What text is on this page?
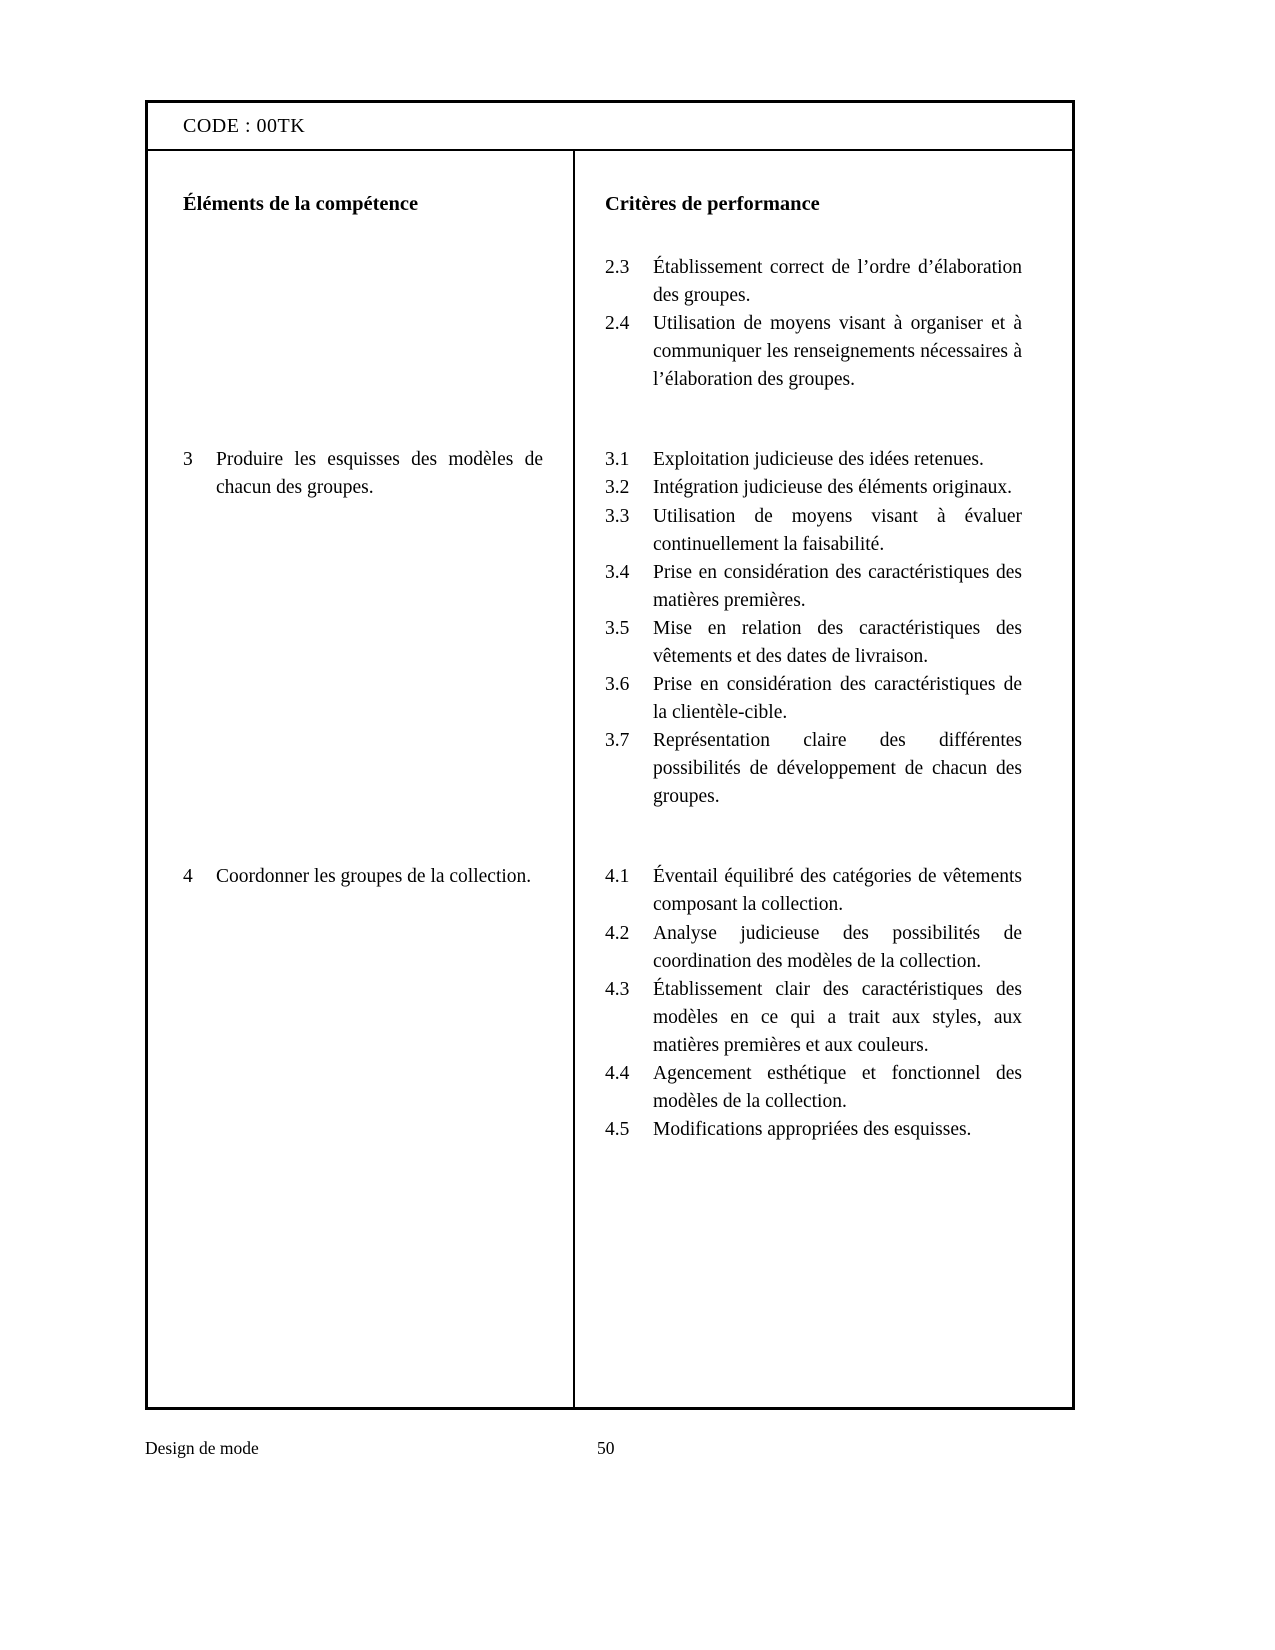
CODE : 00TK
Éléments de la compétence	Critères de performance
2.3	Établissement correct de l’ordre d’élaboration des groupes.
2.4	Utilisation de moyens visant à organiser et à communiquer les renseignements nécessaires à l’élaboration des groupes.
3	Produire les esquisses des modèles de chacun des groupes.
3.1	Exploitation judicieuse des idées retenues.
3.2	Intégration judicieuse des éléments originaux.
3.3	Utilisation de moyens visant à évaluer continuellement la faisabilité.
3.4	Prise en considération des caractéristiques des matières premières.
3.5	Mise en relation des caractéristiques des vêtements et des dates de livraison.
3.6	Prise en considération des caractéristiques de la clientèle-cible.
3.7	Représentation claire des différentes possibilités de développement de chacun des groupes.
4	Coordonner les groupes de la collection.	4.1	Éventail équilibré des catégories de vêtements composant la collection.
4.2	Analyse judicieuse des possibilités de coordination des modèles de la collection.
4.3	Établissement clair des caractéristiques des modèles en ce qui a trait aux styles, aux matières premières et aux couleurs.
4.4	Agencement esthétique et fonctionnel des modèles de la collection.
4.5	Modifications appropriées des esquisses.
Design de mode	50
